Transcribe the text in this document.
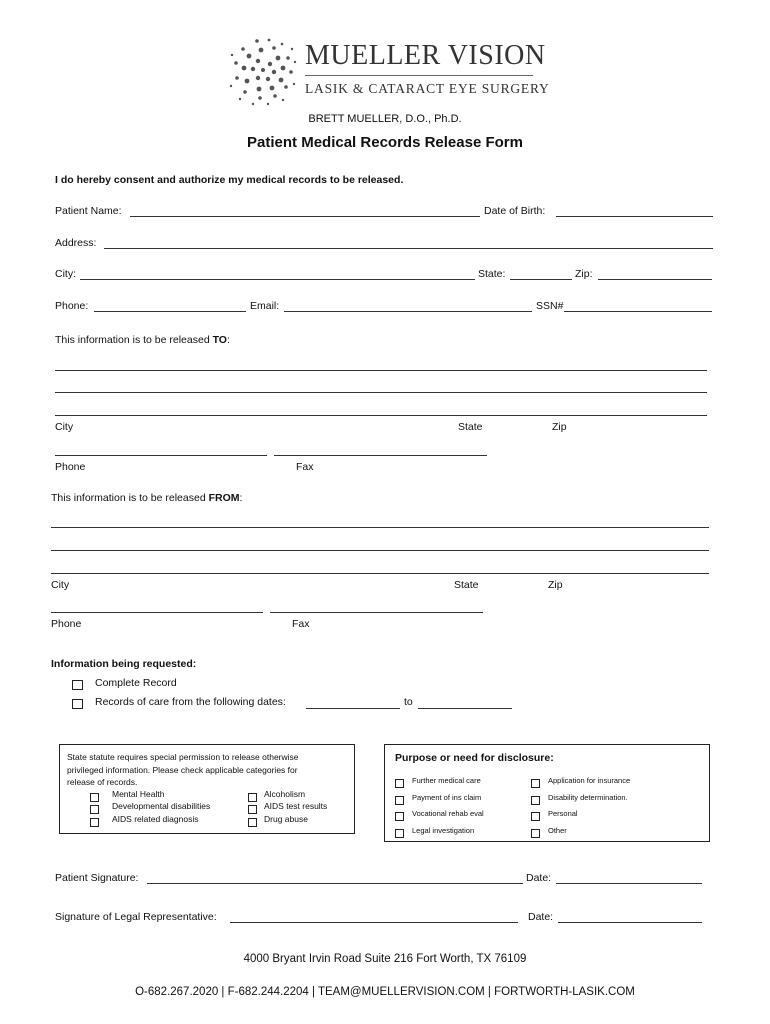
MUELLER VISION
LASIK & CATARACT EYE SURGERY
BRETT MUELLER, D.O., Ph.D.
Patient Medical Records Release Form
I do hereby consent and authorize my medical records to be released.
Patient Name:	Date of Birth:
Address:
City:	State:	Zip:
Phone:	Email:	SSN#
This information is to be released TO:
City	State	Zip
Phone	Fax
This information is to be released FROM:
City	State	Zip
Phone	Fax
Information being requested:
Complete Record
Records of care from the following dates:	to
State statute requires special permission to release otherwise
privileged information. Please check applicable categories for
release of records.
Mental Health	Alcoholism
Developmental disabilities	AIDS test results
AIDS related diagnosis	Drug abuse
Purpose or need for disclosure:
Further medical care	Application for insurance
Payment of ins claim	Disability determination.
Vocational rehab eval	Personal
Legal investigation	Other
Patient Signature:	Date:
Signature of Legal Representative:	Date:
4000 Bryant Irvin Road Suite 216 Fort Worth, TX 76109
O-682.267.2020 | F-682.244.2204 | TEAM@MUELLERVISION.COM | FORTWORTH-LASIK.COM
